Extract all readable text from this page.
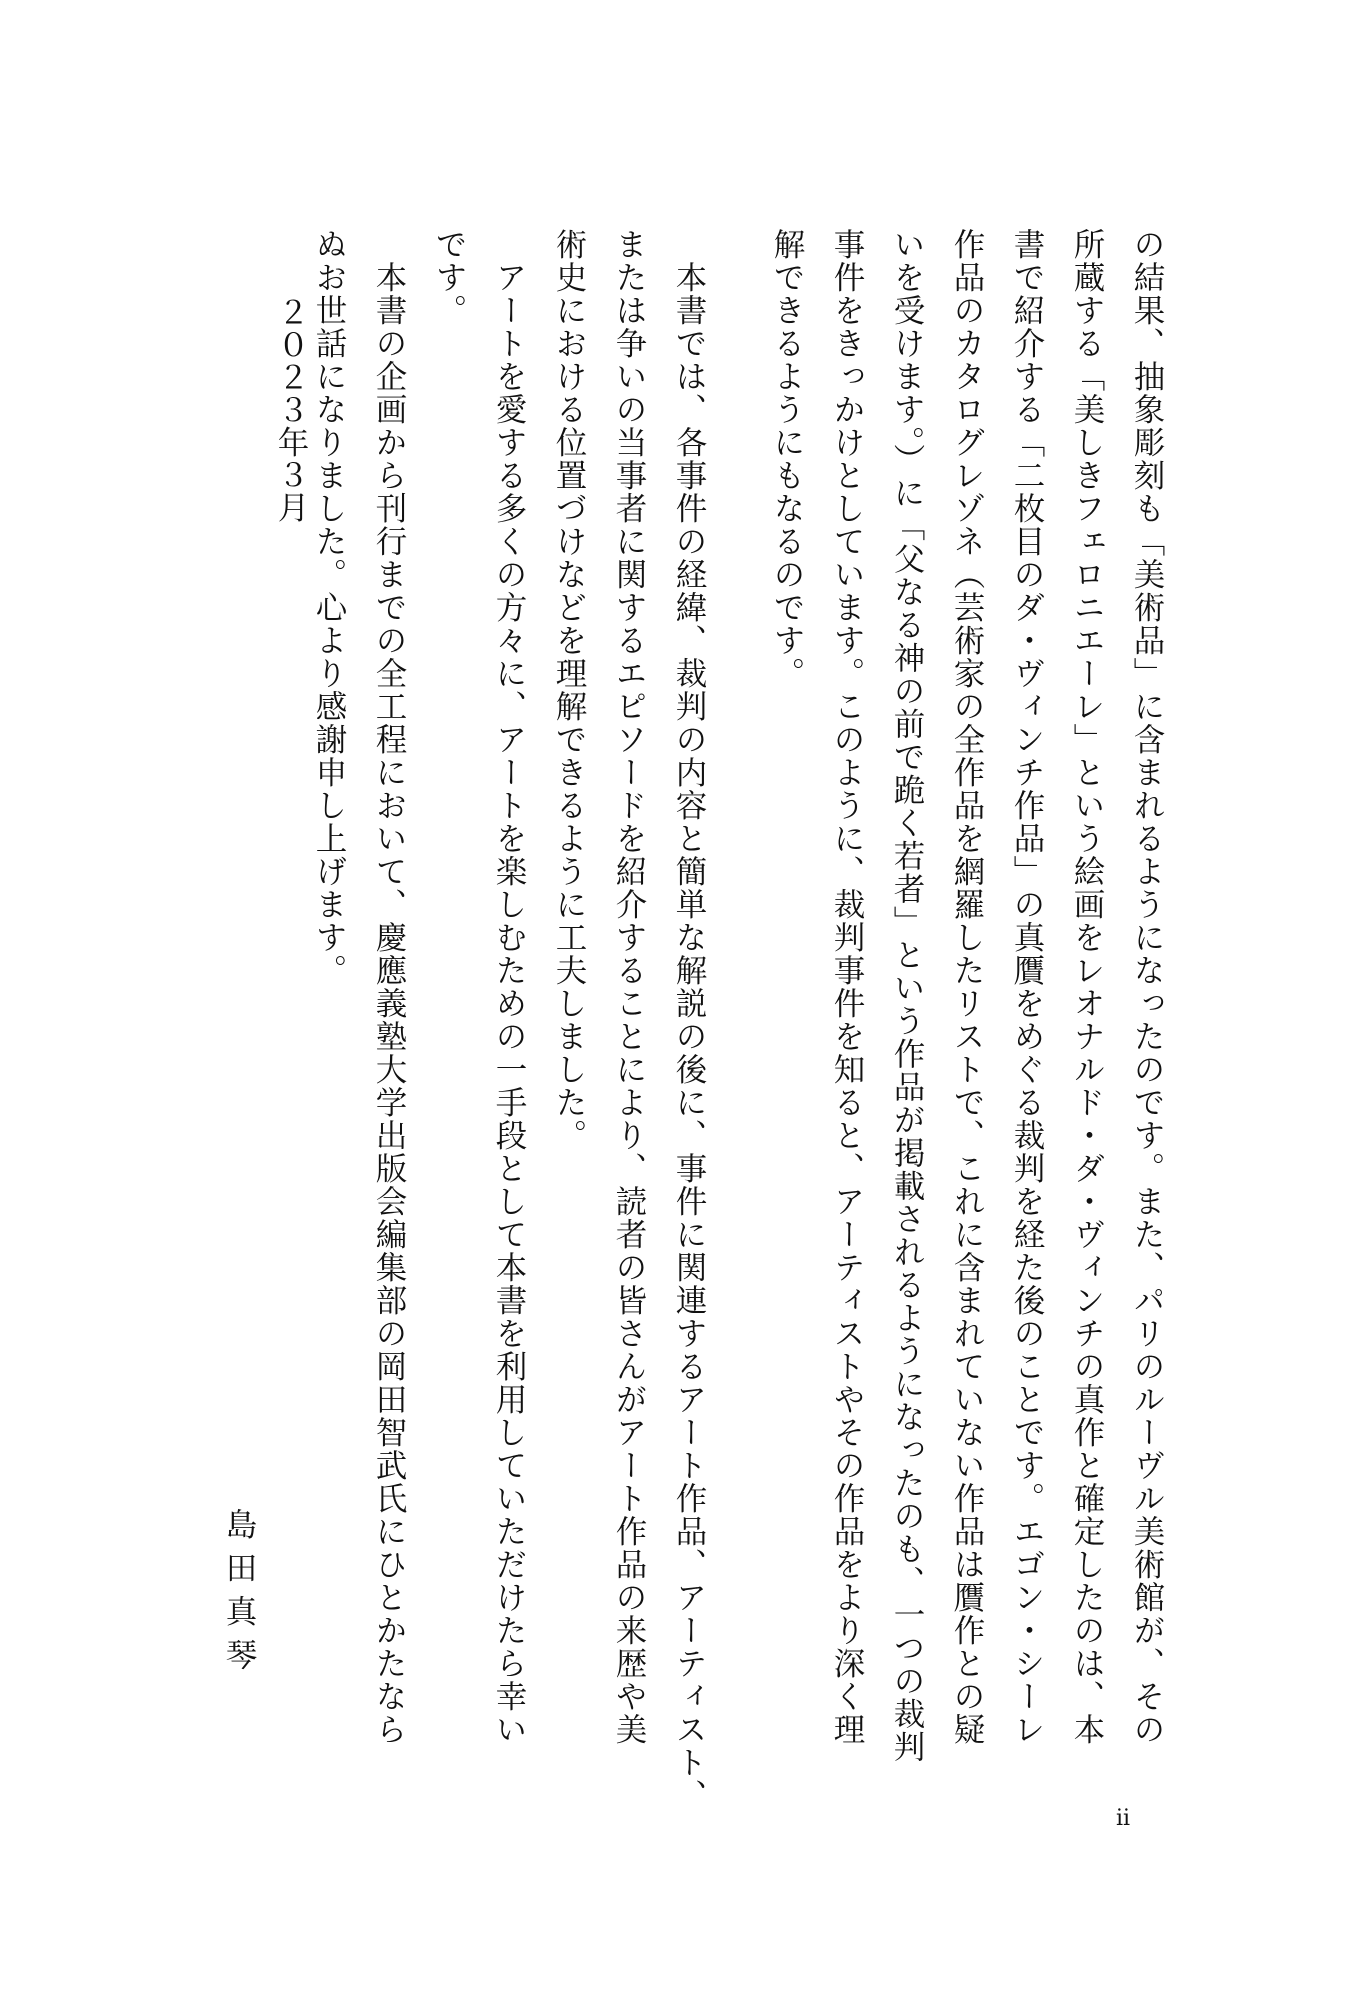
の結果、抽象彫刻も「美術品」に含まれるようになったのです。また、パリのルーヴル美術館が、その
所蔵する「美しきフェロニエーレ」という絵画をレオナルド・ダ・ヴィンチの真作と確定したのは、本
書で紹介する「二枚目のダ・ヴィンチ作品」の真贋をめぐる裁判を経た後のことです。エゴン・シーレ
作品のカタログレゾネ（芸術家の全作品を網羅したリストで、これに含まれていない作品は贋作との疑
いを受けます。）に「父なる神の前で跪く若者」という作品が掲載されるようになったのも、一つの裁判
事件をきっかけとしています。このように、裁判事件を知ると、アーティストやその作品をより深く理
解できるようにもなるのです。
　本書では、各事件の経緯、裁判の内容と簡単な解説の後に、事件に関連するアート作品、アーティスト、
または争いの当事者に関するエピソードを紹介することにより、読者の皆さんがアート作品の来歴や美
術史における位置づけなどを理解できるように工夫しました。
　アートを愛する多くの方々に、アートを楽しむための一手段として本書を利用していただけたら幸い
です。
　本書の企画から刊行までの全工程において、慶應義塾大学出版会編集部の岡田智武氏にひとかたなら
ぬお世話になりました。心より感謝申し上げます。
島田真琴
２０２３年３月
ii
